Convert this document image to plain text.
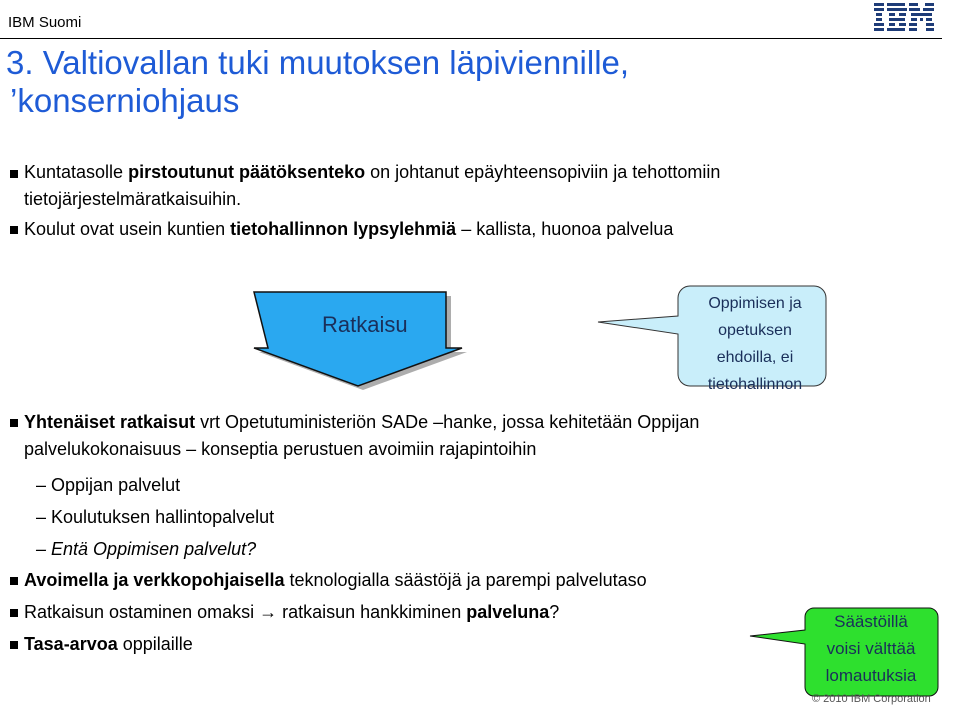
IBM Suomi
3. Valtiovallan tuki muutoksen läpiviennille,
’konserniohjaus
Kuntatasolle pirstoutunut päätöksenteko on johtanut epäyhteensopiviin ja tehottomiin
tietojärjestelmäratkaisuihin.
Koulut ovat usein kuntien tietohallinnon lypsylehmiä – kallista, huonoa palvelua
Ratkaisu
Oppimisen ja
opetuksen
ehdoilla, ei
tietohallinnon
Yhtenäiset ratkaisut vrt Opetutuministeriön SADe –hanke, jossa kehitetään Oppijan
palvelukokonaisuus – konseptia perustuen avoimiin rajapintoihin
– Oppijan palvelut
– Koulutuksen hallintopalvelut
– Entä Oppimisen palvelut?
Avoimella ja verkkopohjaisella teknologialla säästöjä ja parempi palvelutaso
Ratkaisun ostaminen omaksi → ratkaisun hankkiminen palveluna?
Tasa-arvoa oppilaille
Säästöillä
voisi välttää
lomautuksia
© 2010 IBM Corporation
